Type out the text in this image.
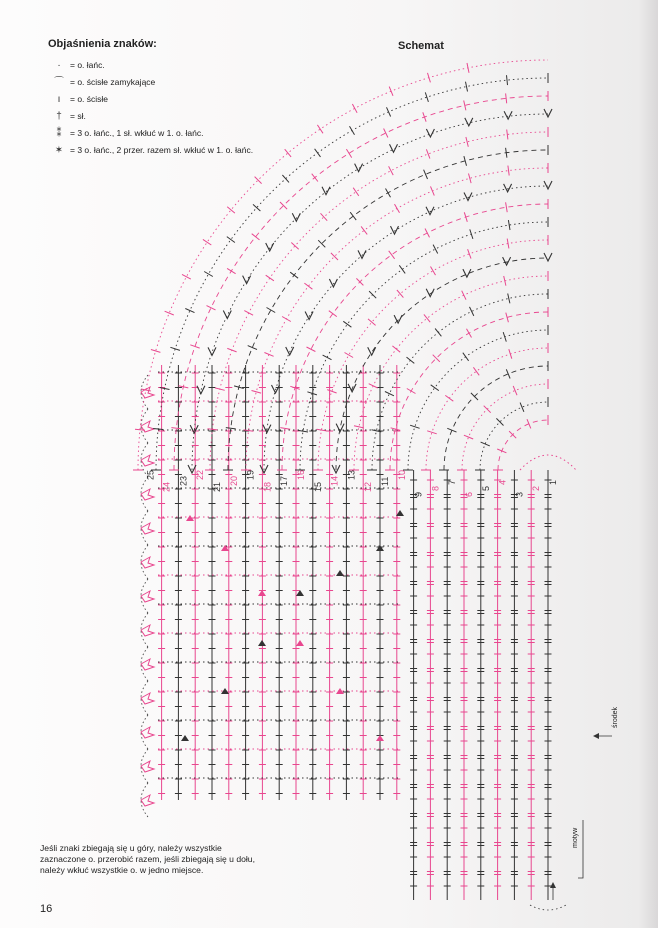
Objaśnienia znaków:
·	= o. łańc.
⌒ = o. ścisłe zamykające
ı	= o. ścisłe
† = sł.
⁑	= 3 o. łańc., 1 sł. wkłuć w 1. o. łańc.
✶ = 3 o. łańc., 2 przer. razem sł. wkłuć w 1. o. łańc.
Schemat
1
2
3
4
5
6
7
8
9
10
11
12
13
14
15
16
17
18
19
20
21
22
23
24
25
środek
motyw
Jeśli znaki zbiegają się u góry, należy wszystkie zaznaczone o. przerobić razem, jeśli zbiegają się u dołu, należy wkłuć wszystkie o. w jedno miejsce.
16
